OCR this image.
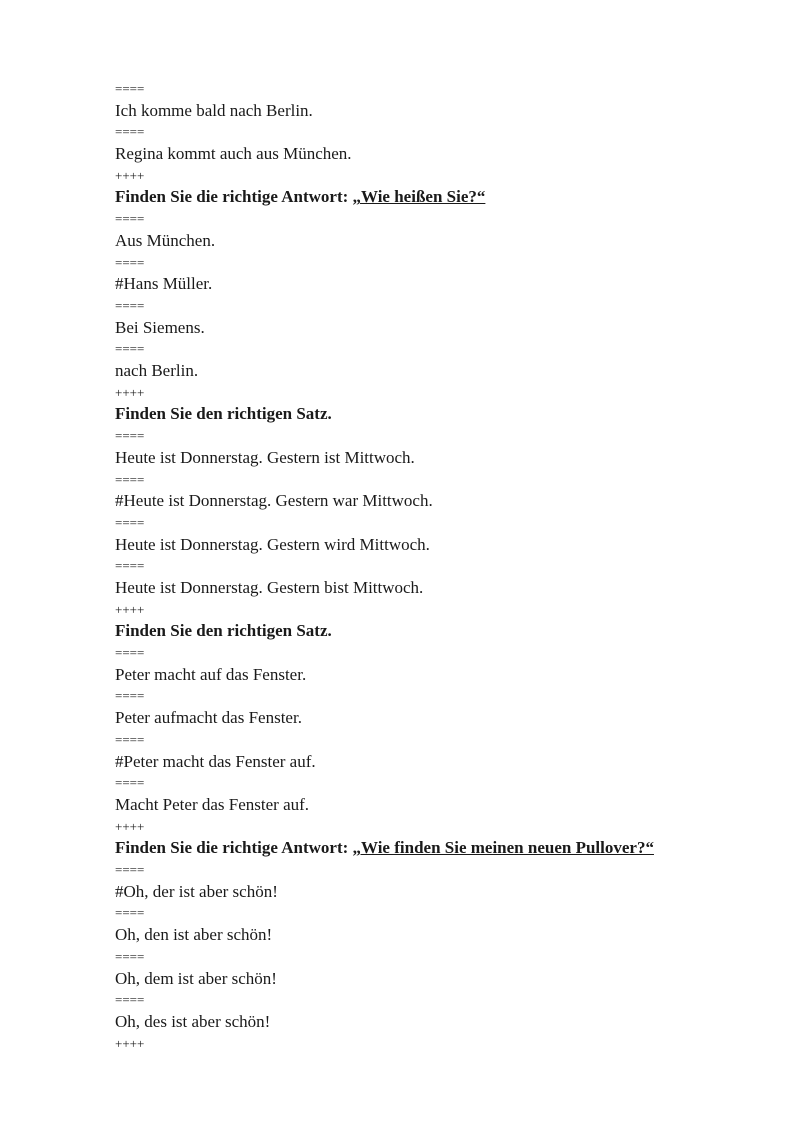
====
Ich komme bald nach Berlin.
====
Regina kommt auch aus München.
++++
Finden Sie die richtige Antwort: „Wie heißen Sie?“
====
Aus München.
====
#Hans Müller.
====
Bei Siemens.
====
nach Berlin.
++++
Finden Sie den richtigen Satz.
====
Heute ist Donnerstag. Gestern ist Mittwoch.
====
#Heute ist Donnerstag. Gestern war Mittwoch.
====
Heute ist Donnerstag. Gestern wird Mittwoch.
====
Heute ist Donnerstag. Gestern bist Mittwoch.
++++
Finden Sie den richtigen Satz.
====
Peter macht auf das Fenster.
====
Peter aufmacht das Fenster.
====
#Peter macht das Fenster auf.
====
Macht Peter das Fenster auf.
++++
Finden Sie die richtige Antwort: „Wie finden Sie meinen neuen Pullover?“
====
#Oh, der ist aber schön!
====
Oh, den ist aber schön!
====
Oh, dem ist aber schön!
====
Oh, des ist aber schön!
++++
